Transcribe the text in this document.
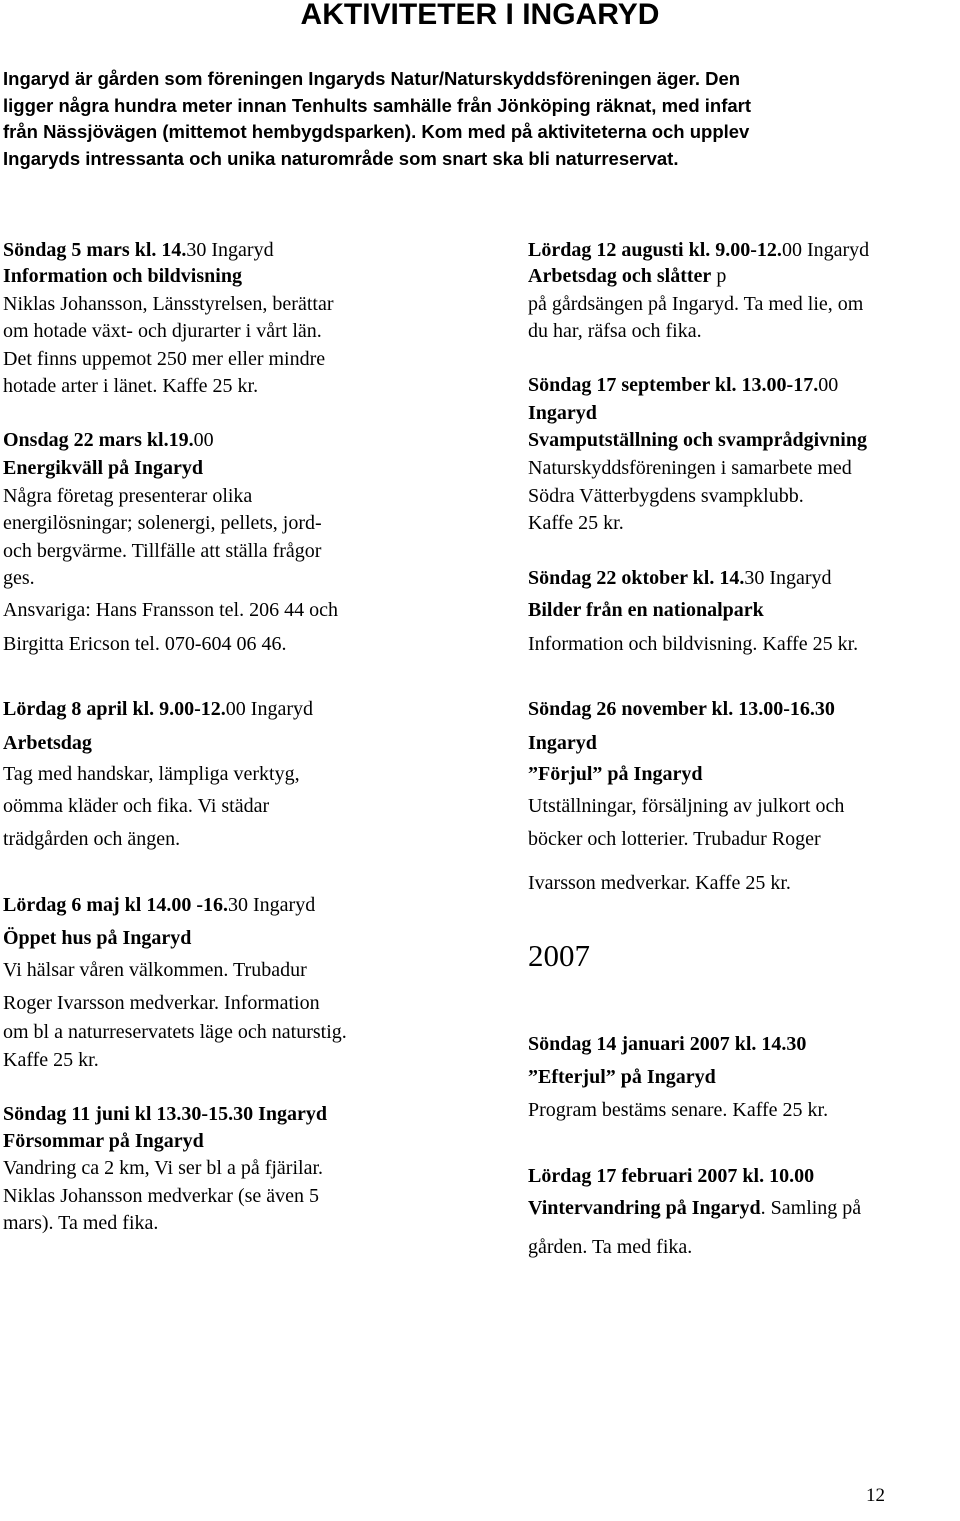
AKTIVITETER I INGARYD
Ingaryd är gården som föreningen Ingaryds Natur/Naturskyddsföreningen äger. Den
ligger några hundra meter innan Tenhults samhälle från Jönköping räknat, med infart
från Nässjövägen (mittemot hembygdsparken). Kom med på aktiviteterna och upplev
Ingaryds intressanta och unika naturområde som snart ska bli naturreservat.
Söndag 5 mars kl. 14.30 Ingaryd
Information och bildvisning
Niklas Johansson, Länsstyrelsen, berättar
om hotade växt- och djurarter i vårt län.
Det finns uppemot 250 mer eller mindre
hotade arter i länet. Kaffe 25 kr.
Onsdag 22 mars kl.19.00
Energikväll på Ingaryd
Några företag presenterar olika
energilösningar; solenergi, pellets, jord-
och bergvärme. Tillfälle att ställa frågor
ges.
Ansvariga: Hans Fransson tel. 206 44 och
Birgitta Ericson tel. 070-604 06 46.
Lördag 8 april kl. 9.00-12.00 Ingaryd
Arbetsdag
Tag med handskar, lämpliga verktyg,
oömma kläder och fika. Vi städar
trädgården och ängen.
Lördag 6 maj kl 14.00 -16.30 Ingaryd
Öppet hus på Ingaryd
Vi hälsar våren välkommen. Trubadur
Roger Ivarsson medverkar. Information
om bl a naturreservatets läge och naturstig.
Kaffe 25 kr.
Söndag 11 juni kl 13.30-15.30 Ingaryd
Försommar på Ingaryd
Vandring ca 2 km, Vi ser bl a på fjärilar.
Niklas Johansson medverkar (se även 5
mars). Ta med fika.
Lördag 12 augusti kl. 9.00-12.00 Ingaryd
Arbetsdag och slåtter p
på gårdsängen på Ingaryd. Ta med lie, om
du har, räfsa och fika.
Söndag 17 september kl. 13.00-17.00
Ingaryd
Svamputställning och svamprådgivning
Naturskyddsföreningen i samarbete med
Södra Vätterbygdens svampklubb.
Kaffe 25 kr.
Söndag 22 oktober kl. 14.30 Ingaryd
Bilder från en nationalpark
Information och bildvisning. Kaffe 25 kr.
Söndag 26 november kl. 13.00-16.30
Ingaryd
”Förjul” på Ingaryd
Utställningar, försäljning av julkort och
böcker och lotterier. Trubadur Roger
Ivarsson medverkar. Kaffe 25 kr.
2007
Söndag 14 januari 2007 kl. 14.30
”Efterjul” på Ingaryd
Program bestäms senare. Kaffe 25 kr.
Lördag 17 februari 2007 kl. 10.00
Vintervandring på Ingaryd. Samling på
gården. Ta med fika.
12
